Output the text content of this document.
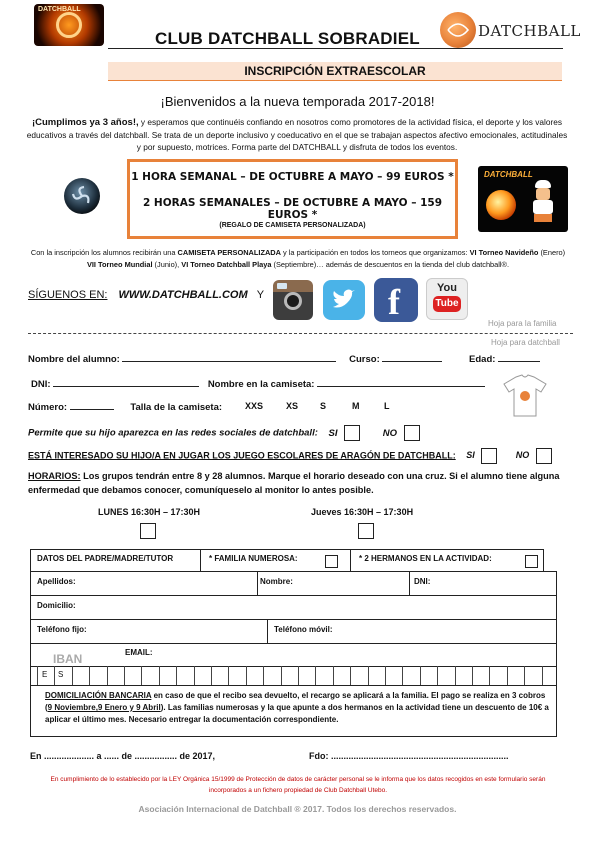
DATCHBALL
CLUB DATCHBALL SOBRADIEL	DATCHBALL
INSCRIPCIÓN EXTRAESCOLAR
¡Bienvenidos a la nueva temporada 2017-2018!
¡Cumplimos ya 3 años!, y esperamos que continuéis confiando en nosotros como promotores de la actividad física, el deporte y los valores educativos a través del datchball. Se trata de un deporte inclusivo y coeducativo en el que se trabajan aspectos afectivo emocionales, actitudinales y por supuesto, motrices. Forma parte del DATCHBALL y disfruta de todos los eventos.
1 HORA SEMANAL – DE OCTUBRE A MAYO – 99 EUROS *
2 HORAS SEMANALES – DE OCTUBRE A MAYO – 159 EUROS *
(REGALO DE CAMISETA PERSONALIZADA)
DATCHBALL
Con la inscripción los alumnos recibirán una CAMISETA PERSONALIZADA y la participación en todos los torneos que organizamos: VI Torneo Navideño (Enero) VII Torneo Mundial (Junio), VI Torneo Datchball Playa (Septiembre)… además de descuentos en la tienda del club datchball®.
SÍGUENOS EN: WWW.DATCHBALL.COM Y	f	You
Tube
Hoja para la familia
Hoja para datchball
Nombre del alumno:	Curso:	Edad:
DNI:	Nombre en la camiseta:
Número:	Talla de la camiseta:	XXS	XS S	M	L
Permite que su hijo aparezca en las redes sociales de datchball: SI	NO
ESTÁ INTERESADO SU HIJO/A EN JUGAR LOS JUEGO ESCOLARES DE ARAGÓN DE DATCHBALL: SI	NO
HORARIOS: Los grupos tendrán entre 8 y 28 alumnos. Marque el horario deseado con una cruz. Si el alumno tiene alguna enfermedad que debamos conocer, comuníqueselo al monitor lo antes posible.
LUNES 16:30H – 17:30H	Jueves 16:30H – 17:30H
DATOS DEL PADRE/MADRE/TUTOR	* FAMILIA NUMEROSA:	* 2 HERMANOS EN LA ACTIVIDAD:
Apellidos:	Nombre:	DNI:
Domicilio:
Teléfono fijo:	Teléfono móvil:
IBAN	EMAIL:
E S
DOMICILIACIÓN BANCARIA en caso de que el recibo sea devuelto, el recargo se aplicará a la familia. El pago se realiza en 3 cobros (9 Noviembre,9 Enero y 9 Abril). Las familias numerosas y la que apunte a dos hermanos en la actividad tiene un descuento de 10€ a aplicar el último mes. Necesario entregar la documentación correspondiente.
En .................... a ...... de ................. de 2017,	Fdo: .......................................................................
En cumplimiento de lo establecido por la LEY Orgánica 15/1999 de Protección de datos de carácter personal se le informa que los datos recogidos en este formulario serán incorporados a un fichero propiedad de Club Datchball Utebo.
Asociación Internacional de Datchball ® 2017. Todos los derechos reservados.
